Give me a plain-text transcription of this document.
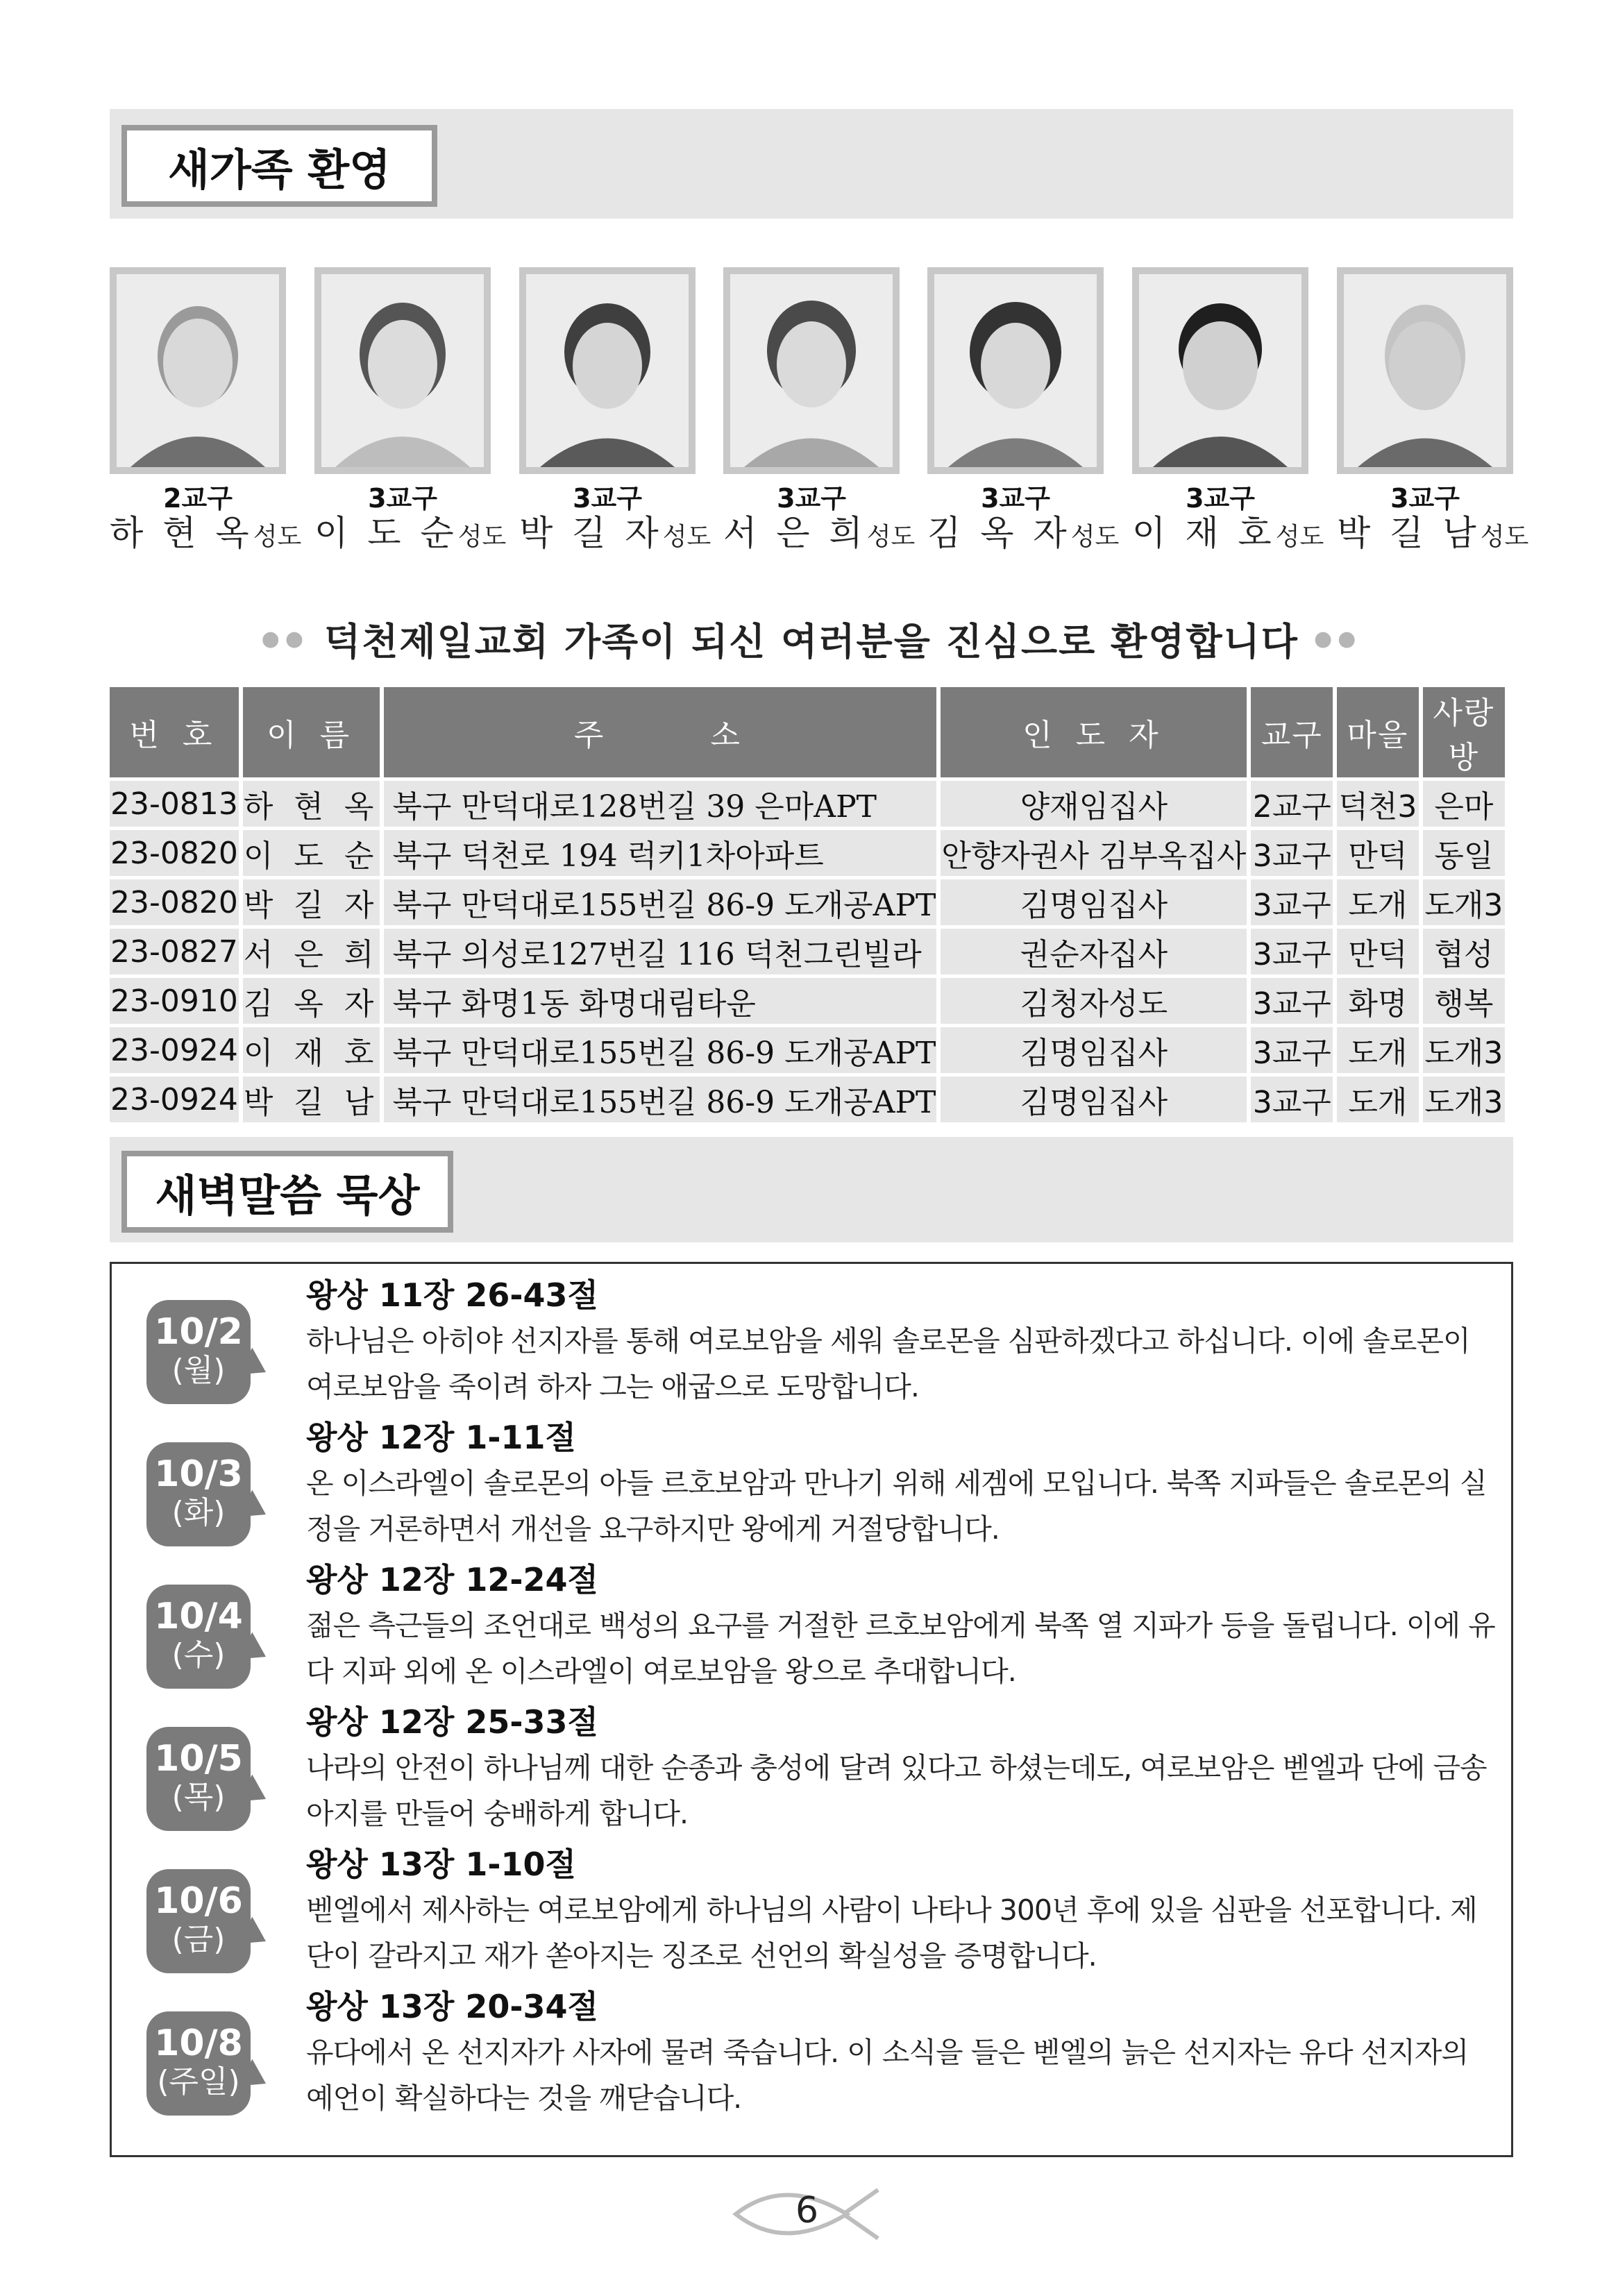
새가족 환영
2교구
하 현 옥성도
3교구
이 도 순성도
3교구
박 길 자성도
3교구
서 은 희성도
3교구
김 옥 자성도
3교구
이 재 호성도
3교구
박 길 남성도
●● 덕천제일교회 가족이 되신 여러분을 진심으로 환영합니다 ●●
번 호	이 름	주      소	인 도 자	교구	마을	사랑방
23-0813	하 현 옥	북구 만덕대로128번길 39 은마APT	양재임집사	2교구	덕천3	은마
23-0820	이 도 순	북구 덕천로 194 럭키1차아파트	안향자권사 김부옥집사	3교구	만덕	동일
23-0820	박 길 자	북구 만덕대로155번길 86-9 도개공APT	김명임집사	3교구	도개	도개3
23-0827	서 은 희	북구 의성로127번길 116 덕천그린빌라	권순자집사	3교구	만덕	협성
23-0910	김 옥 자	북구 화명1동 화명대림타운	김청자성도	3교구	화명	행복
23-0924	이 재 호	북구 만덕대로155번길 86-9 도개공APT	김명임집사	3교구	도개	도개3
23-0924	박 길 남	북구 만덕대로155번길 86-9 도개공APT	김명임집사	3교구	도개	도개3
새벽말씀 묵상
10/2
(월)
왕상 11장 26-43절
하나님은 아히야 선지자를 통해 여로보암을 세워 솔로몬을 심판하겠다고 하십니다. 이에 솔로몬이 여로보암을 죽이려 하자 그는 애굽으로 도망합니다.
10/3
(화)
왕상 12장 1-11절
온 이스라엘이 솔로몬의 아들 르호보암과 만나기 위해 세겜에 모입니다. 북쪽 지파들은 솔로몬의 실정을 거론하면서 개선을 요구하지만 왕에게 거절당합니다.
10/4
(수)
왕상 12장 12-24절
젊은 측근들의 조언대로 백성의 요구를 거절한 르호보암에게 북쪽 열 지파가 등을 돌립니다. 이에 유다 지파 외에 온 이스라엘이 여로보암을 왕으로 추대합니다.
10/5
(목)
왕상 12장 25-33절
나라의 안전이 하나님께 대한 순종과 충성에 달려 있다고 하셨는데도, 여로보암은 벧엘과 단에 금송아지를 만들어 숭배하게 합니다.
10/6
(금)
왕상 13장 1-10절
벧엘에서 제사하는 여로보암에게 하나님의 사람이 나타나 300년 후에 있을 심판을 선포합니다. 제단이 갈라지고 재가 쏟아지는 징조로 선언의 확실성을 증명합니다.
10/8
(주일)
왕상 13장 20-34절
유다에서 온 선지자가 사자에 물려 죽습니다. 이 소식을 들은 벧엘의 늙은 선지자는 유다 선지자의 예언이 확실하다는 것을 깨닫습니다.
6
